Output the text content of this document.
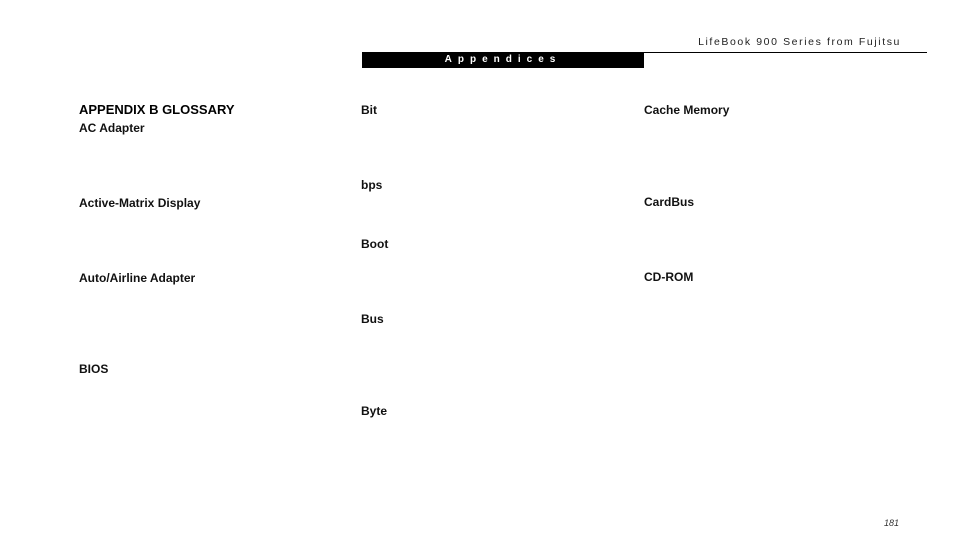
LifeBook 900 Series from Fujitsu
Appendices
APPENDIX B GLOSSARY
AC Adapter
Active-Matrix Display
Auto/Airline Adapter
BIOS
Bit
bps
Boot
Bus
Byte
Cache Memory
CardBus
CD-ROM
181
